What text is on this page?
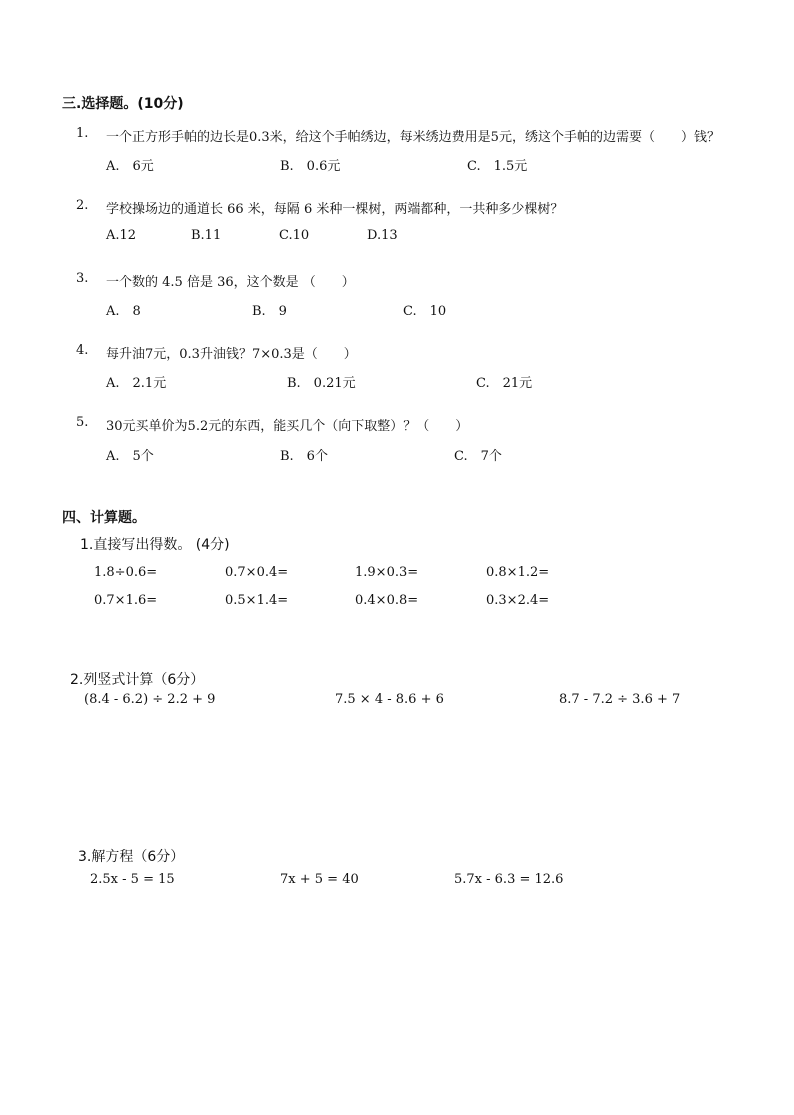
三.选择题。(10分)
1. 一个正方形手帕的边长是0.3米，给这个手帕绣边，每米绣边费用是5元，绣这个手帕的边需要（　　）钱？
A.　6元	B.　0.6元	C.　1.5元
2. 学校操场边的通道长 66 米，每隔 6 米种一棵树，两端都种，一共种多少棵树？
A.12	B.11	C.10	D.13
3. 一个数的 4.5 倍是 36，这个数是 （　　）
A.　8	B.　9	C.　10
4. 每升油7元，0.3升油钱？7×0.3是（　　）
A.　2.1元	B.　0.21元	C.　21元
5. 30元买单价为5.2元的东西，能买几个（向下取整）？（　　）
A.　5个	B.　6个	C.　7个
四、计算题。
1.直接写出得数。 (4分)
1.8÷0.6=	0.7×0.4=	1.9×0.3=	0.8×1.2=
0.7×1.6=	0.5×1.4=	0.4×0.8=	0.3×2.4=
2.列竖式计算（6分）
(8.4 - 6.2) ÷ 2.2 + 9	7.5 × 4 - 8.6 + 6	8.7 - 7.2 ÷ 3.6 + 7
3.解方程（6分）
2.5x - 5 = 15	7x + 5 = 40	5.7x - 6.3 = 12.6
